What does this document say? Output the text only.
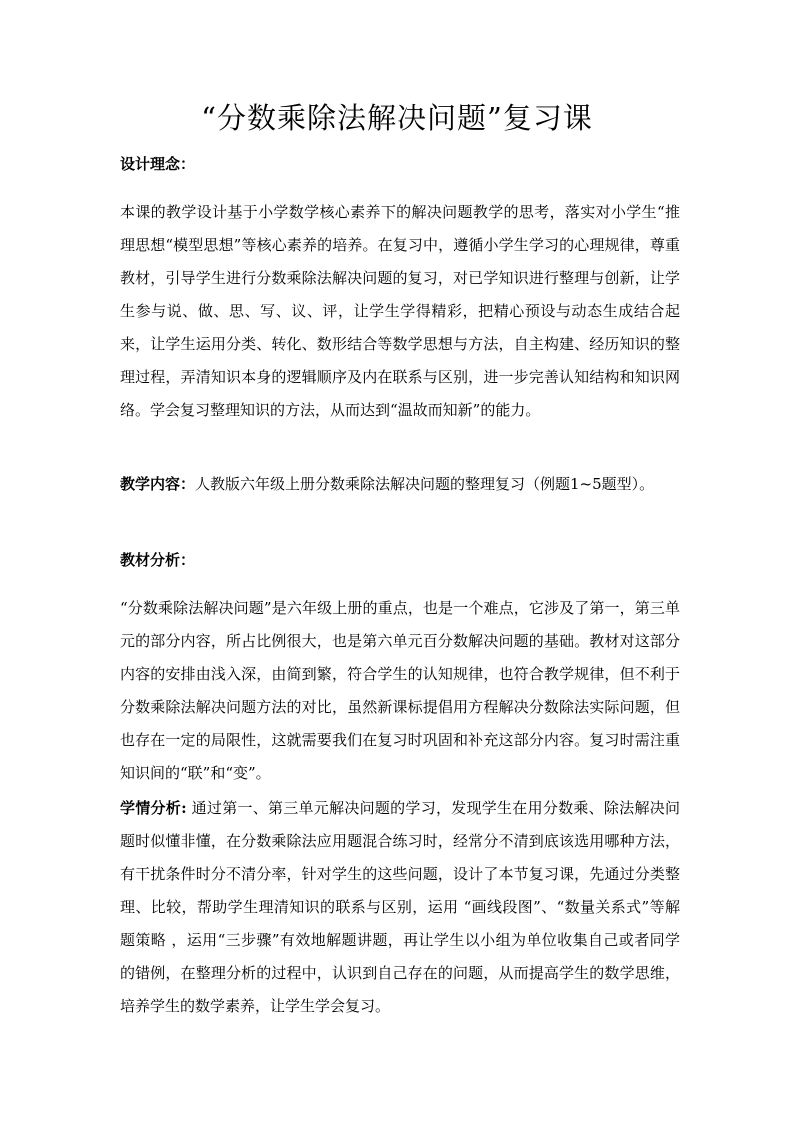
“分数乘除法解决问题”复习课
设计理念：
本课的教学设计基于小学数学核心素养下的解决问题教学的思考，落实对小学生“推理思想“模型思想”等核心素养的培养。在复习中，遵循小学生学习的心理规律，尊重教材，引导学生进行分数乘除法解决问题的复习，对已学知识进行整理与创新，让学生参与说、做、思、写、议、评，让学生学得精彩，把精心预设与动态生成结合起来，让学生运用分类、转化、数形结合等数学思想与方法，自主构建、经历知识的整理过程，弄清知识本身的逻辑顺序及内在联系与区别，进一步完善认知结构和知识网络。学会复习整理知识的方法，从而达到“温故而知新”的能力。
教学内容：人教版六年级上册分数乘除法解决问题的整理复习（例题1~5题型）。
教材分析：
“分数乘除法解决问题”是六年级上册的重点，也是一个难点，它涉及了第一，第三单元的部分内容，所占比例很大，也是第六单元百分数解决问题的基础。教材对这部分内容的安排由浅入深，由简到繁，符合学生的认知规律，也符合教学规律，但不利于分数乘除法解决问题方法的对比，虽然新课标提倡用方程解决分数除法实际问题，但也存在一定的局限性，这就需要我们在复习时巩固和补充这部分内容。复习时需注重知识间的“联”和“变”。
学情分析: 通过第一、第三单元解决问题的学习，发现学生在用分数乘、除法解决问题时似懂非懂，在分数乘除法应用题混合练习时，经常分不清到底该选用哪种方法，有干扰条件时分不清分率，针对学生的这些问题，设计了本节复习课，先通过分类整理、比较，帮助学生理清知识的联系与区别，运用 “画线段图”、“数量关系式”等解题策略 ，运用“三步骤”有效地解题讲题，再让学生以小组为单位收集自己或者同学的错例，在整理分析的过程中，认识到自己存在的问题，从而提高学生的数学思维，培养学生的数学素养，让学生学会复习。
